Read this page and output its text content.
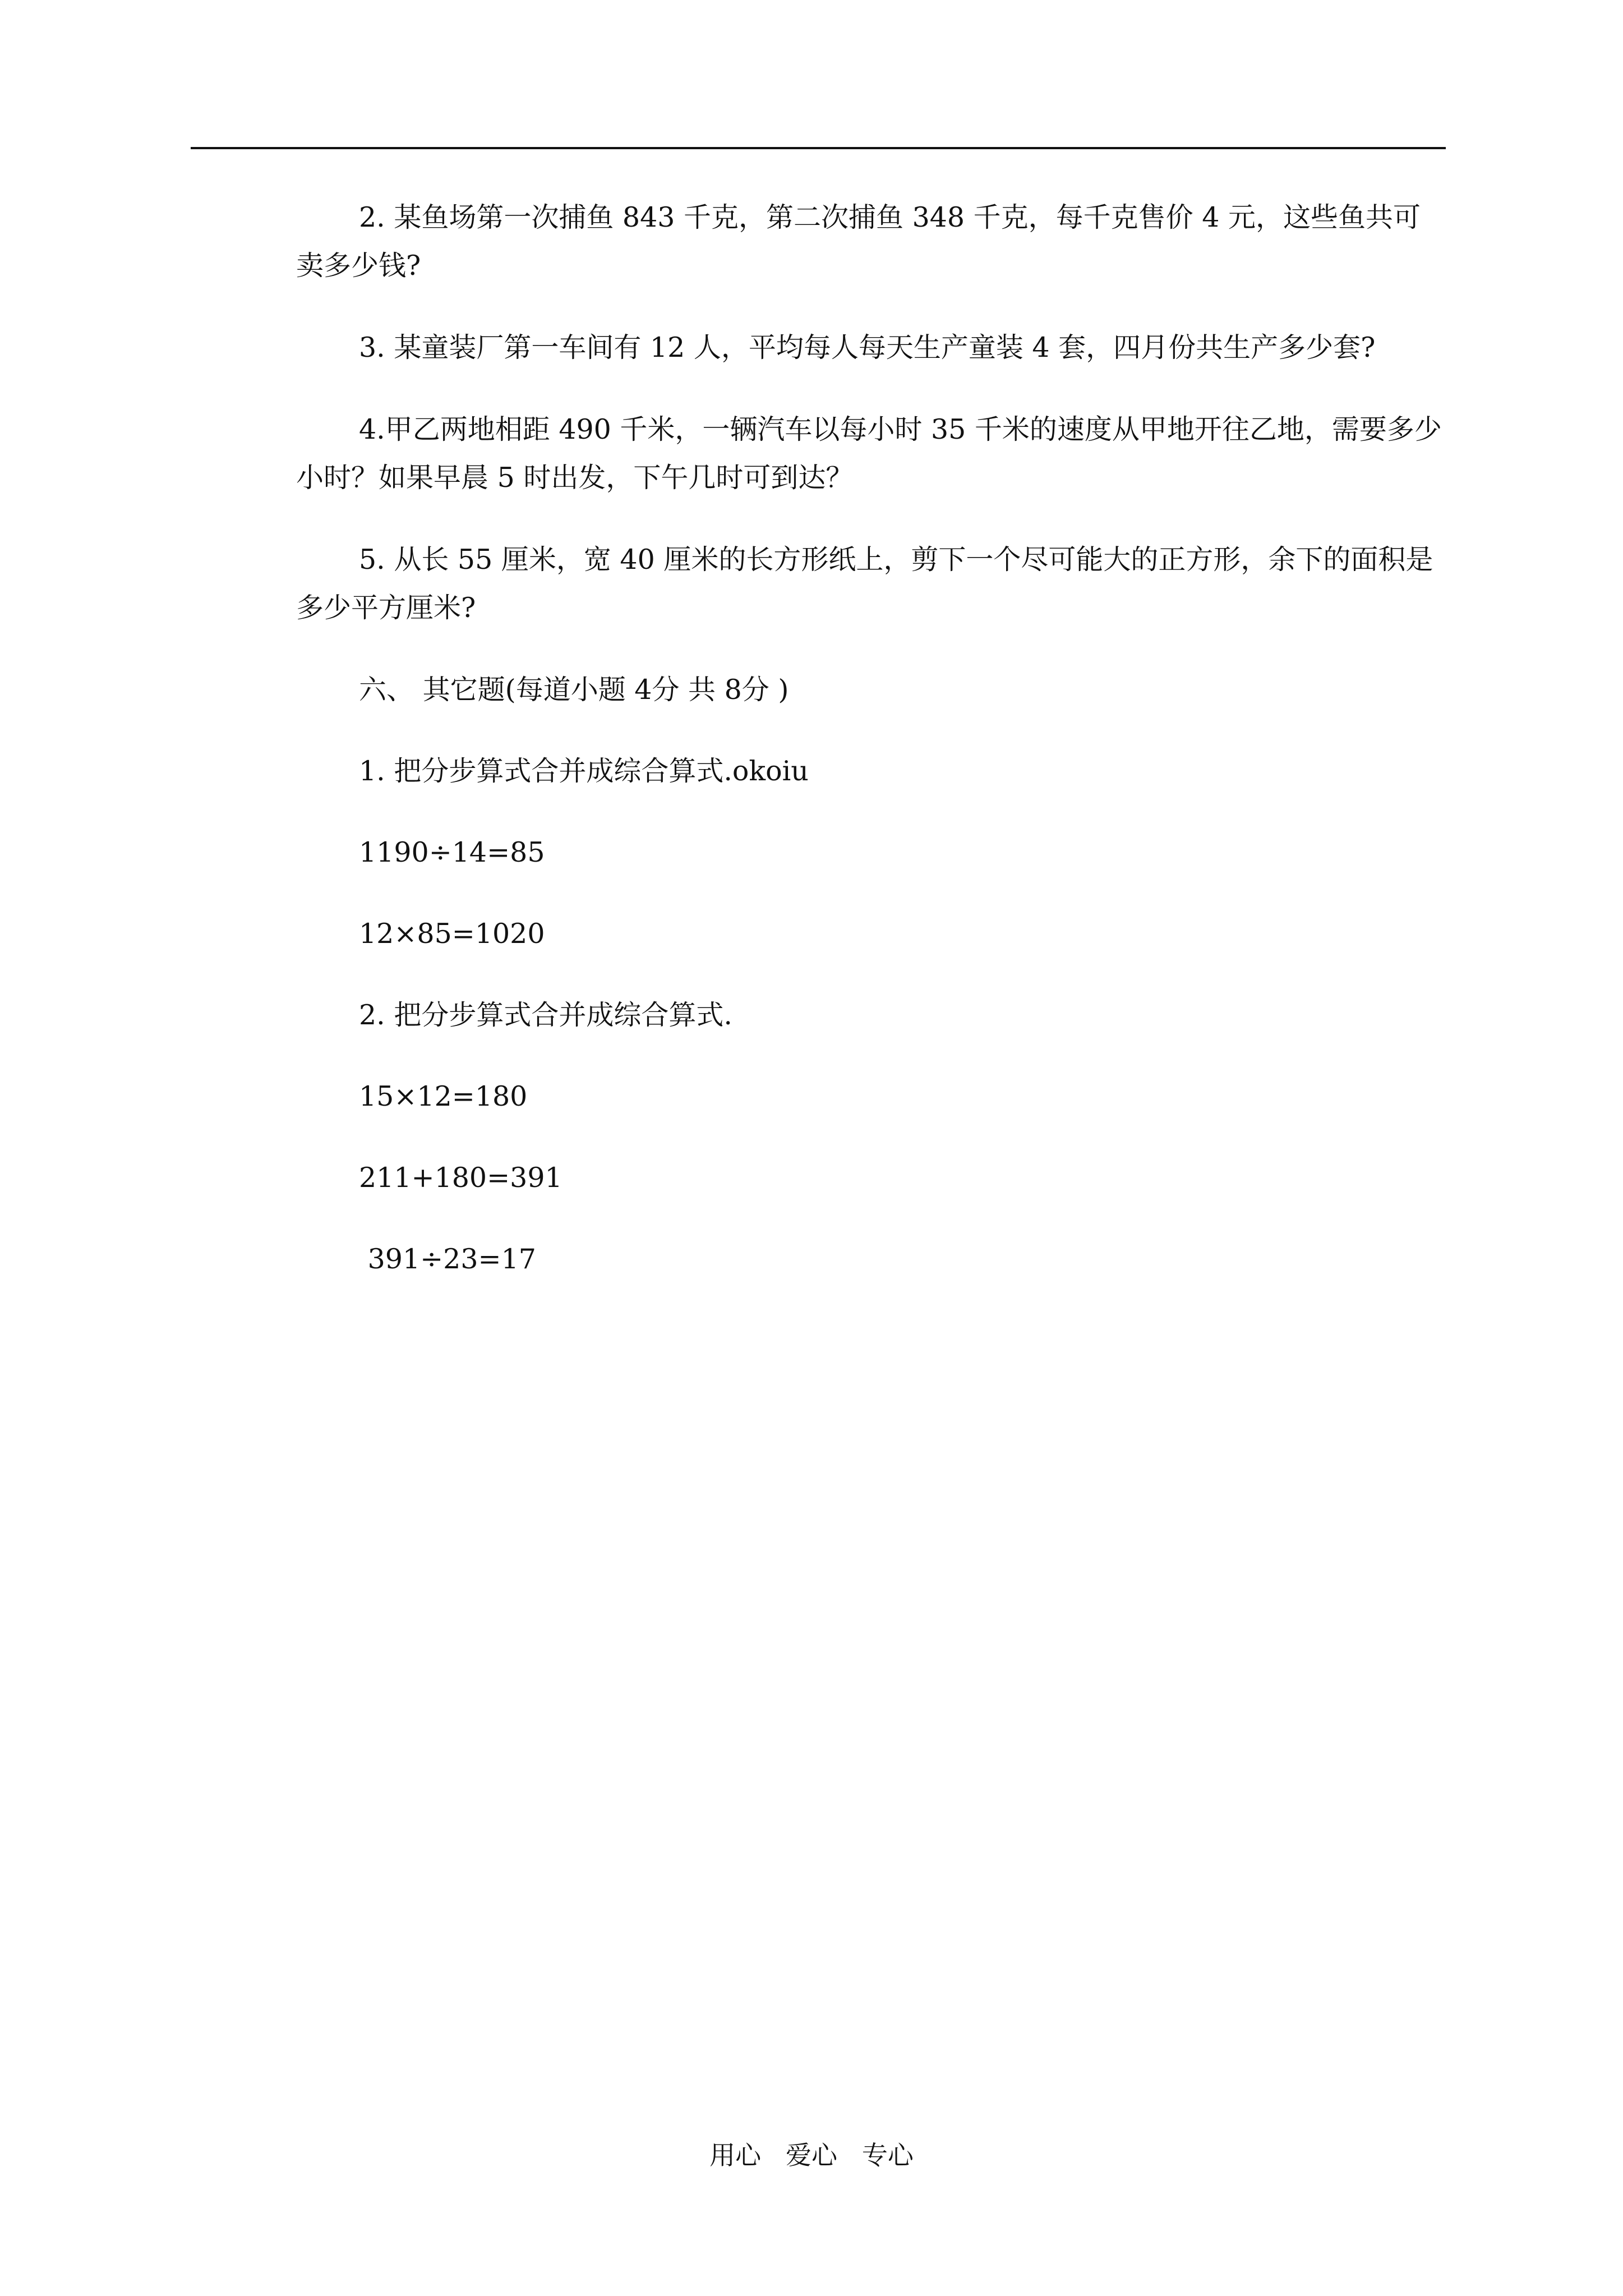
2. 某鱼场第一次捕鱼 843 千克，第二次捕鱼 348 千克，每千克售价 4 元，这些鱼共可卖多少钱?

3. 某童装厂第一车间有 12 人，平均每人每天生产童装 4 套，四月份共生产多少套?

4.甲乙两地相距 490 千米，一辆汽车以每小时 35 千米的速度从甲地开往乙地，需要多少小时？如果早晨 5 时出发，下午几时可到达？

5. 从长 55 厘米，宽 40 厘米的长方形纸上，剪下一个尽可能大的正方形，余下的面积是多少平方厘米?

六、 其它题(每道小题 4分 共 8分 )

1. 把分步算式合并成综合算式.okoiu

1190÷14=85

12×85=1020

2. 把分步算式合并成综合算式.

15×12=180

211+180=391

391÷23=17

用心   爱心   专心
